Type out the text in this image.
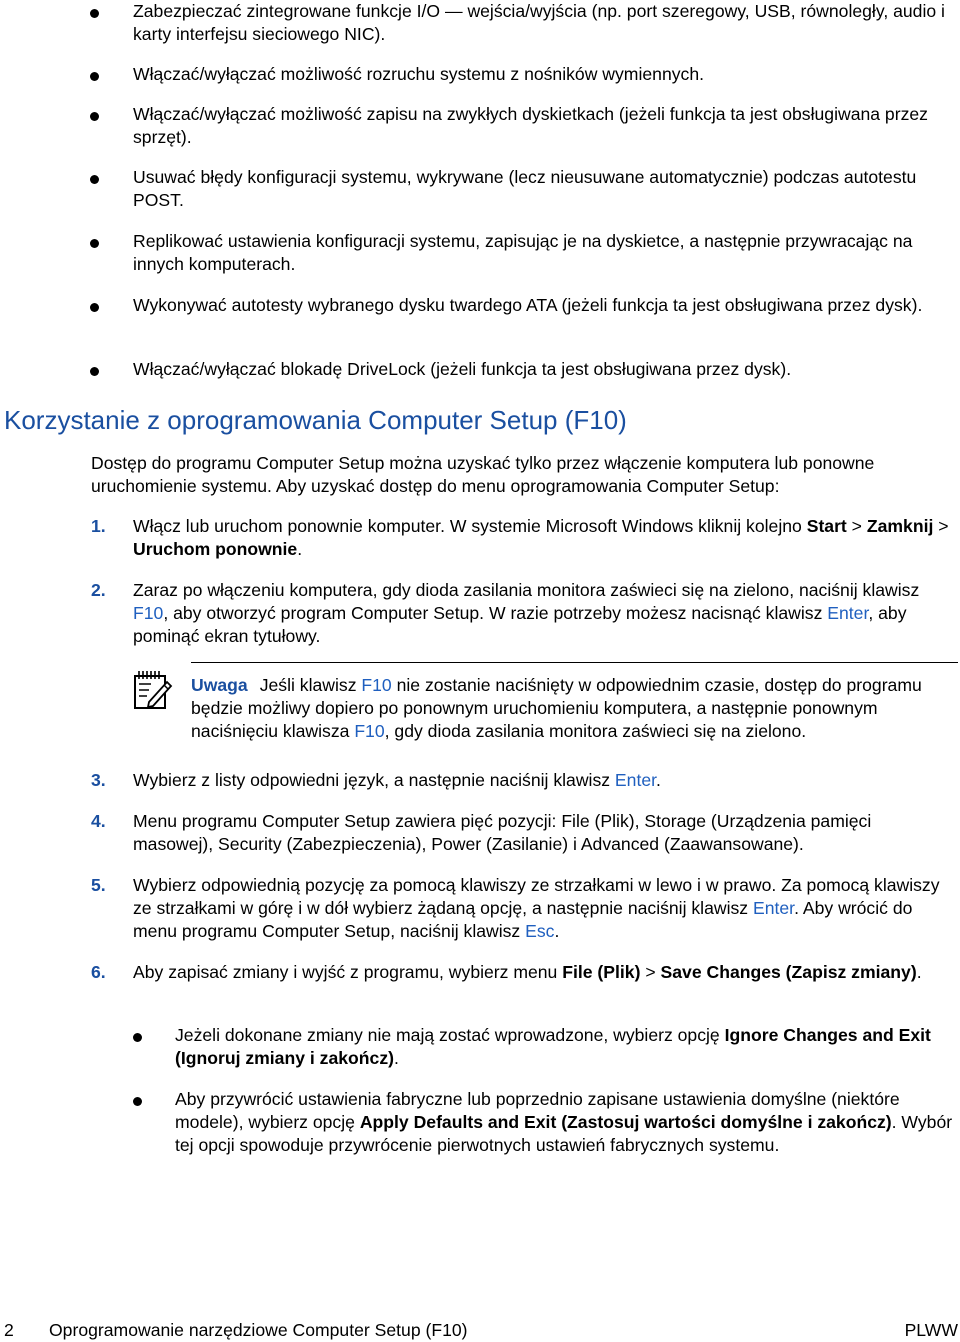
Zabezpieczać zintegrowane funkcje I/O — wejścia/wyjścia (np. port szeregowy, USB, równoległy, audio i karty interfejsu sieciowego NIC).

Włączać/wyłączać możliwość rozruchu systemu z nośników wymiennych.

Włączać/wyłączać możliwość zapisu na zwykłych dyskietkach (jeżeli funkcja ta jest obsługiwana przez sprzęt).

Usuwać błędy konfiguracji systemu, wykrywane (lecz nieusuwane automatycznie) podczas autotestu POST.

Replikować ustawienia konfiguracji systemu, zapisując je na dyskietce, a następnie przywracając na innych komputerach.

Wykonywać autotesty wybranego dysku twardego ATA (jeżeli funkcja ta jest obsługiwana przez dysk).

Włączać/wyłączać blokadę DriveLock (jeżeli funkcja ta jest obsługiwana przez dysk).

Korzystanie z oprogramowania Computer Setup (F10)

Dostęp do programu Computer Setup można uzyskać tylko przez włączenie komputera lub ponowne uruchomienie systemu. Aby uzyskać dostęp do menu oprogramowania Computer Setup:

1. Włącz lub uruchom ponownie komputer. W systemie Microsoft Windows kliknij kolejno Start > Zamknij > Uruchom ponownie.

2. Zaraz po włączeniu komputera, gdy dioda zasilania monitora zaświeci się na zielono, naciśnij klawisz F10, aby otworzyć program Computer Setup. W razie potrzeby możesz nacisnąć klawisz Enter, aby pominąć ekran tytułowy.

Uwaga Jeśli klawisz F10 nie zostanie naciśnięty w odpowiednim czasie, dostęp do programu będzie możliwy dopiero po ponownym uruchomieniu komputera, a następnie ponownym naciśnięciu klawisza F10, gdy dioda zasilania monitora zaświeci się na zielono.

3. Wybierz z listy odpowiedni język, a następnie naciśnij klawisz Enter.

4. Menu programu Computer Setup zawiera pięć pozycji: File (Plik), Storage (Urządzenia pamięci masowej), Security (Zabezpieczenia), Power (Zasilanie) i Advanced (Zaawansowane).

5. Wybierz odpowiednią pozycję za pomocą klawiszy ze strzałkami w lewo i w prawo. Za pomocą klawiszy ze strzałkami w górę i w dół wybierz żądaną opcję, a następnie naciśnij klawisz Enter. Aby wrócić do menu programu Computer Setup, naciśnij klawisz Esc.

6. Aby zapisać zmiany i wyjść z programu, wybierz menu File (Plik) > Save Changes (Zapisz zmiany).

Jeżeli dokonane zmiany nie mają zostać wprowadzone, wybierz opcję Ignore Changes and Exit (Ignoruj zmiany i zakończ).

Aby przywrócić ustawienia fabryczne lub poprzednio zapisane ustawienia domyślne (niektóre modele), wybierz opcję Apply Defaults and Exit (Zastosuj wartości domyślne i zakończ). Wybór tej opcji spowoduje przywrócenie pierwotnych ustawień fabrycznych systemu.

2 Oprogramowanie narzędziowe Computer Setup (F10)	PLWW
